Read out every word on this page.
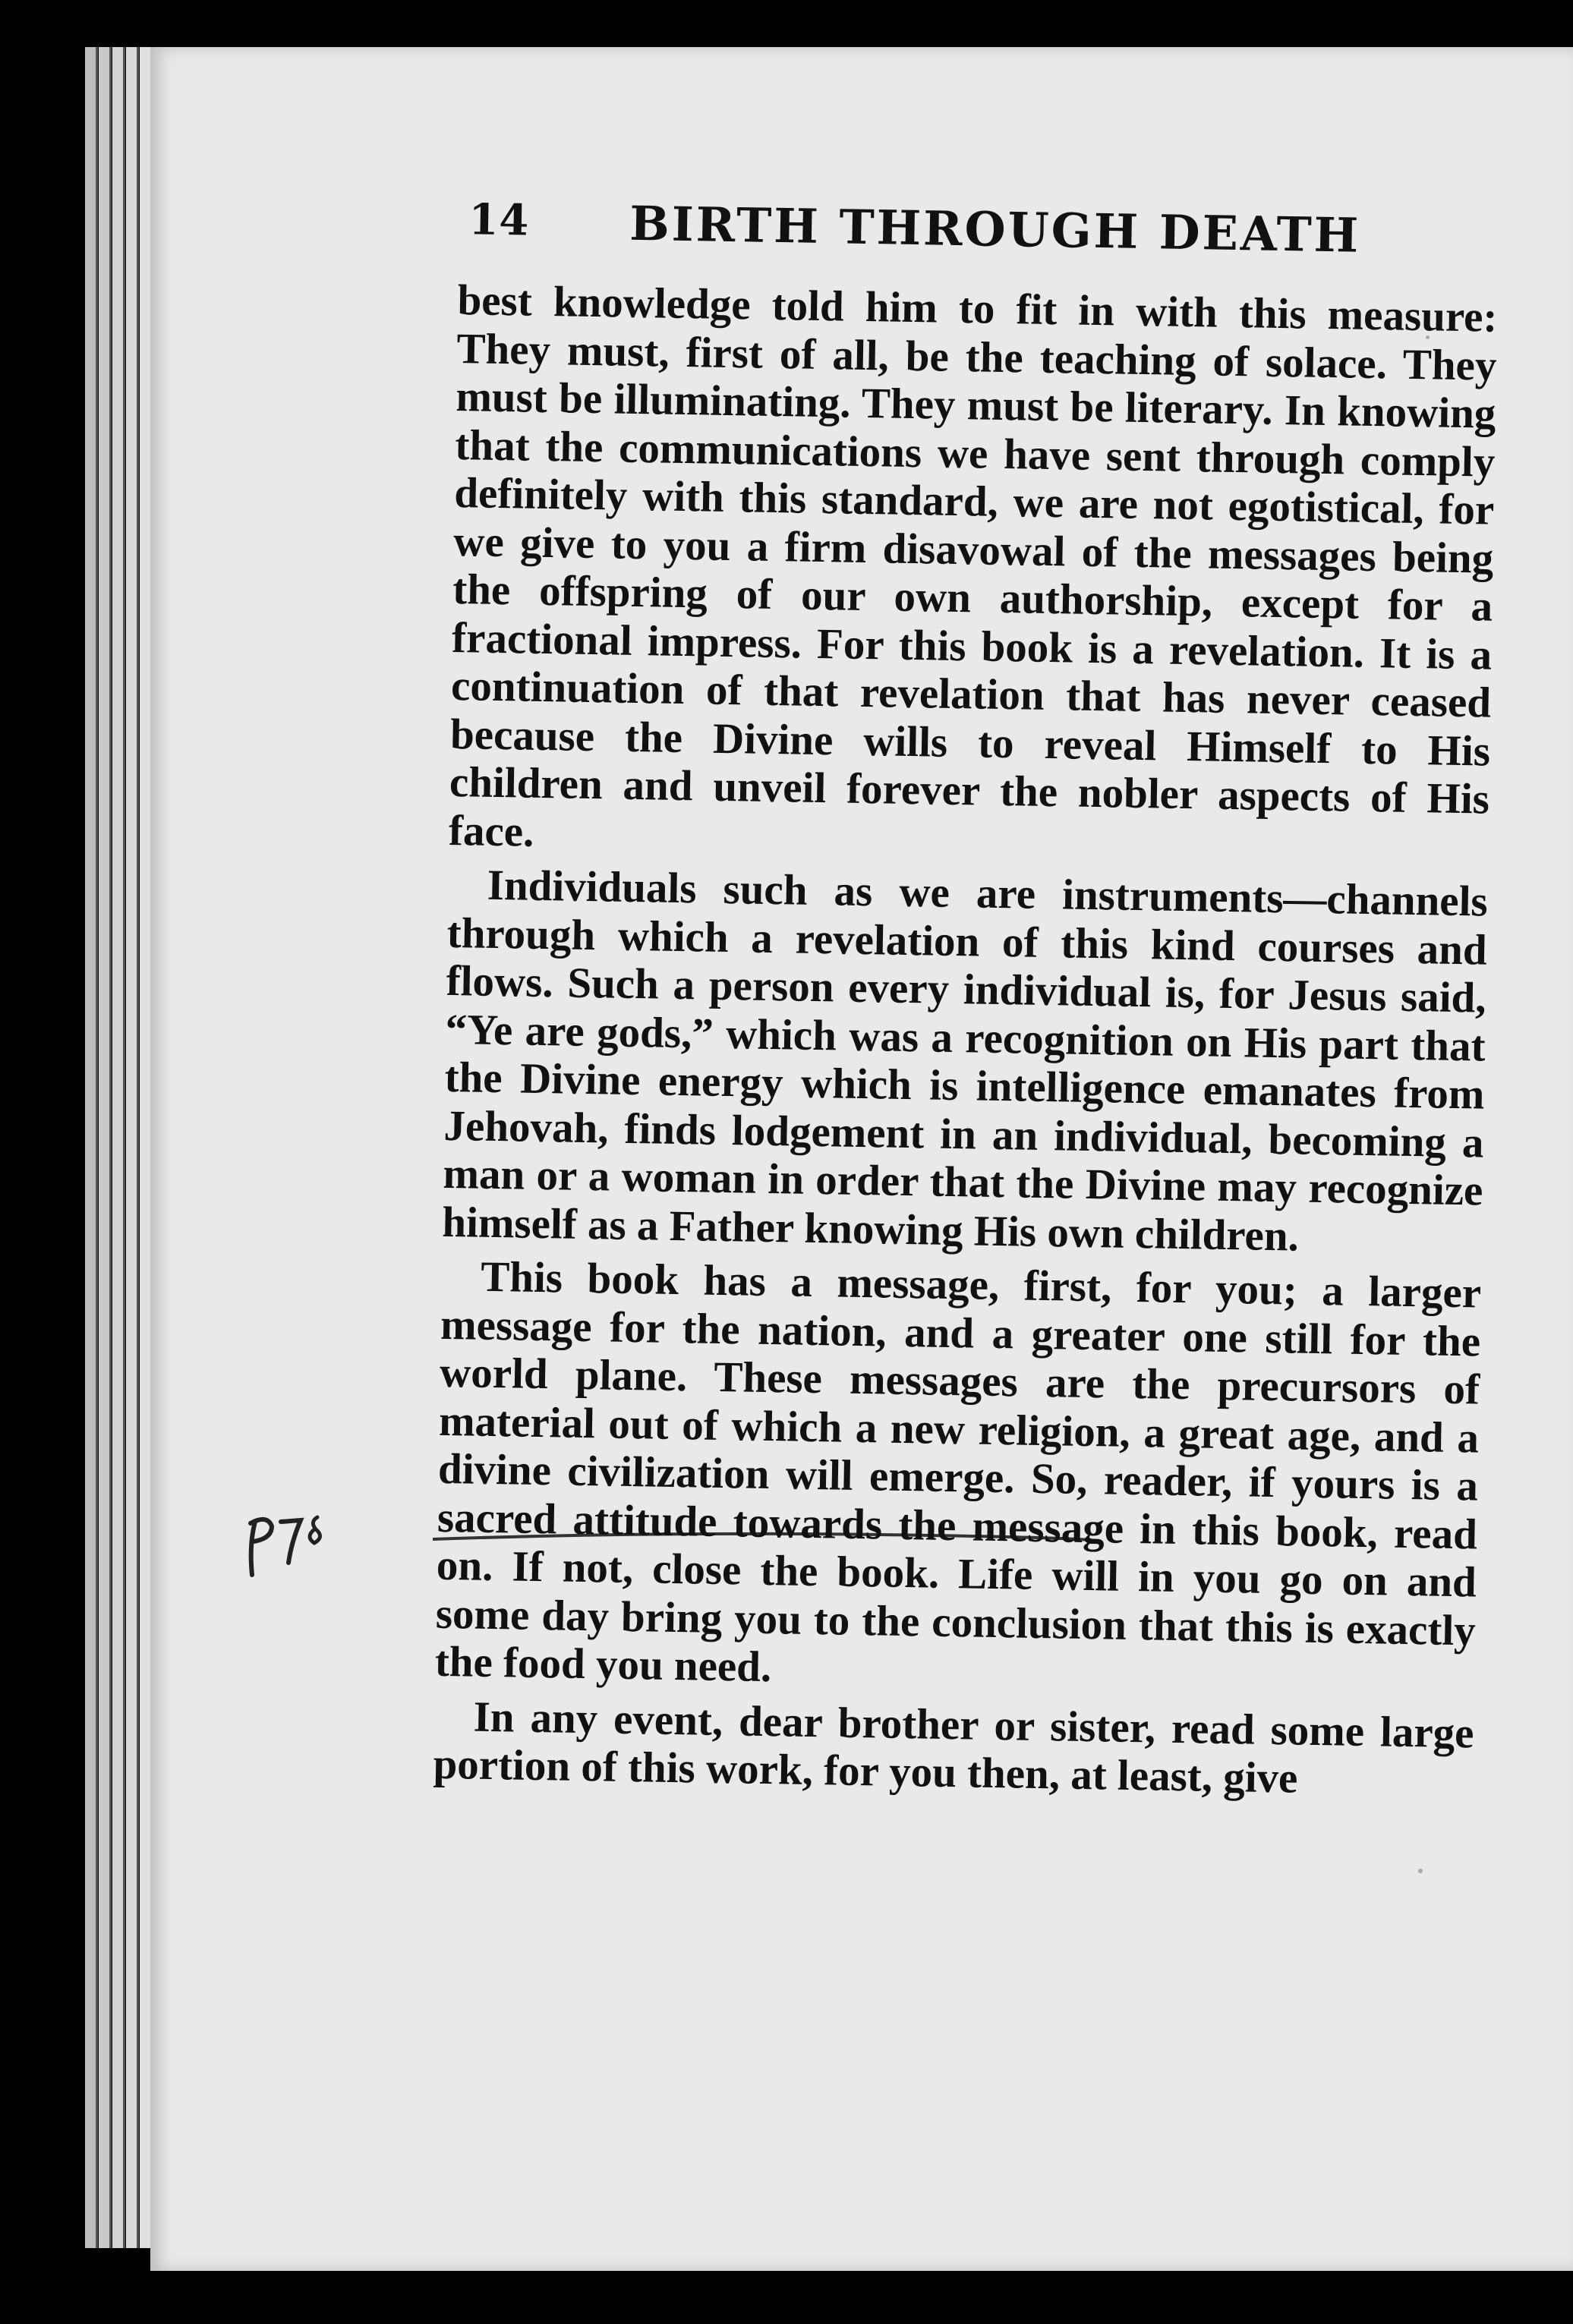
14 BIRTH THROUGH DEATH

best knowledge told him to fit in with this measure: They must, first of all, be the teaching of solace. They must be illuminating. They must be literary. In knowing that the communications we have sent through comply definitely with this standard, we are not egotistical, for we give to you a firm disavowal of the messages being the offspring of our own authorship, except for a fractional impress. For this book is a revelation. It is a continuation of that revelation that has never ceased because the Divine wills to reveal Himself to His children and unveil forever the nobler aspects of His face.

Individuals such as we are instruments—channels through which a revelation of this kind courses and flows. Such a person every individual is, for Jesus said, “Ye are gods,” which was a recognition on His part that the Divine energy which is intelligence emanates from Jehovah, finds lodgement in an individual, becoming a man or a woman in order that the Divine may recognize himself as a Father knowing His own children.

This book has a message, first, for you; a larger message for the nation, and a greater one still for the world plane. These messages are the precursors of material out of which a new religion, a great age, and a divine civilization will emerge. So, reader, if yours is a sacred attitude towards the message in this book, read on. If not, close the book. Life will in you go on and some day bring you to the conclusion that this is exactly the food you need.

In any event, dear brother or sister, read some large portion of this work, for you then, at least, give
